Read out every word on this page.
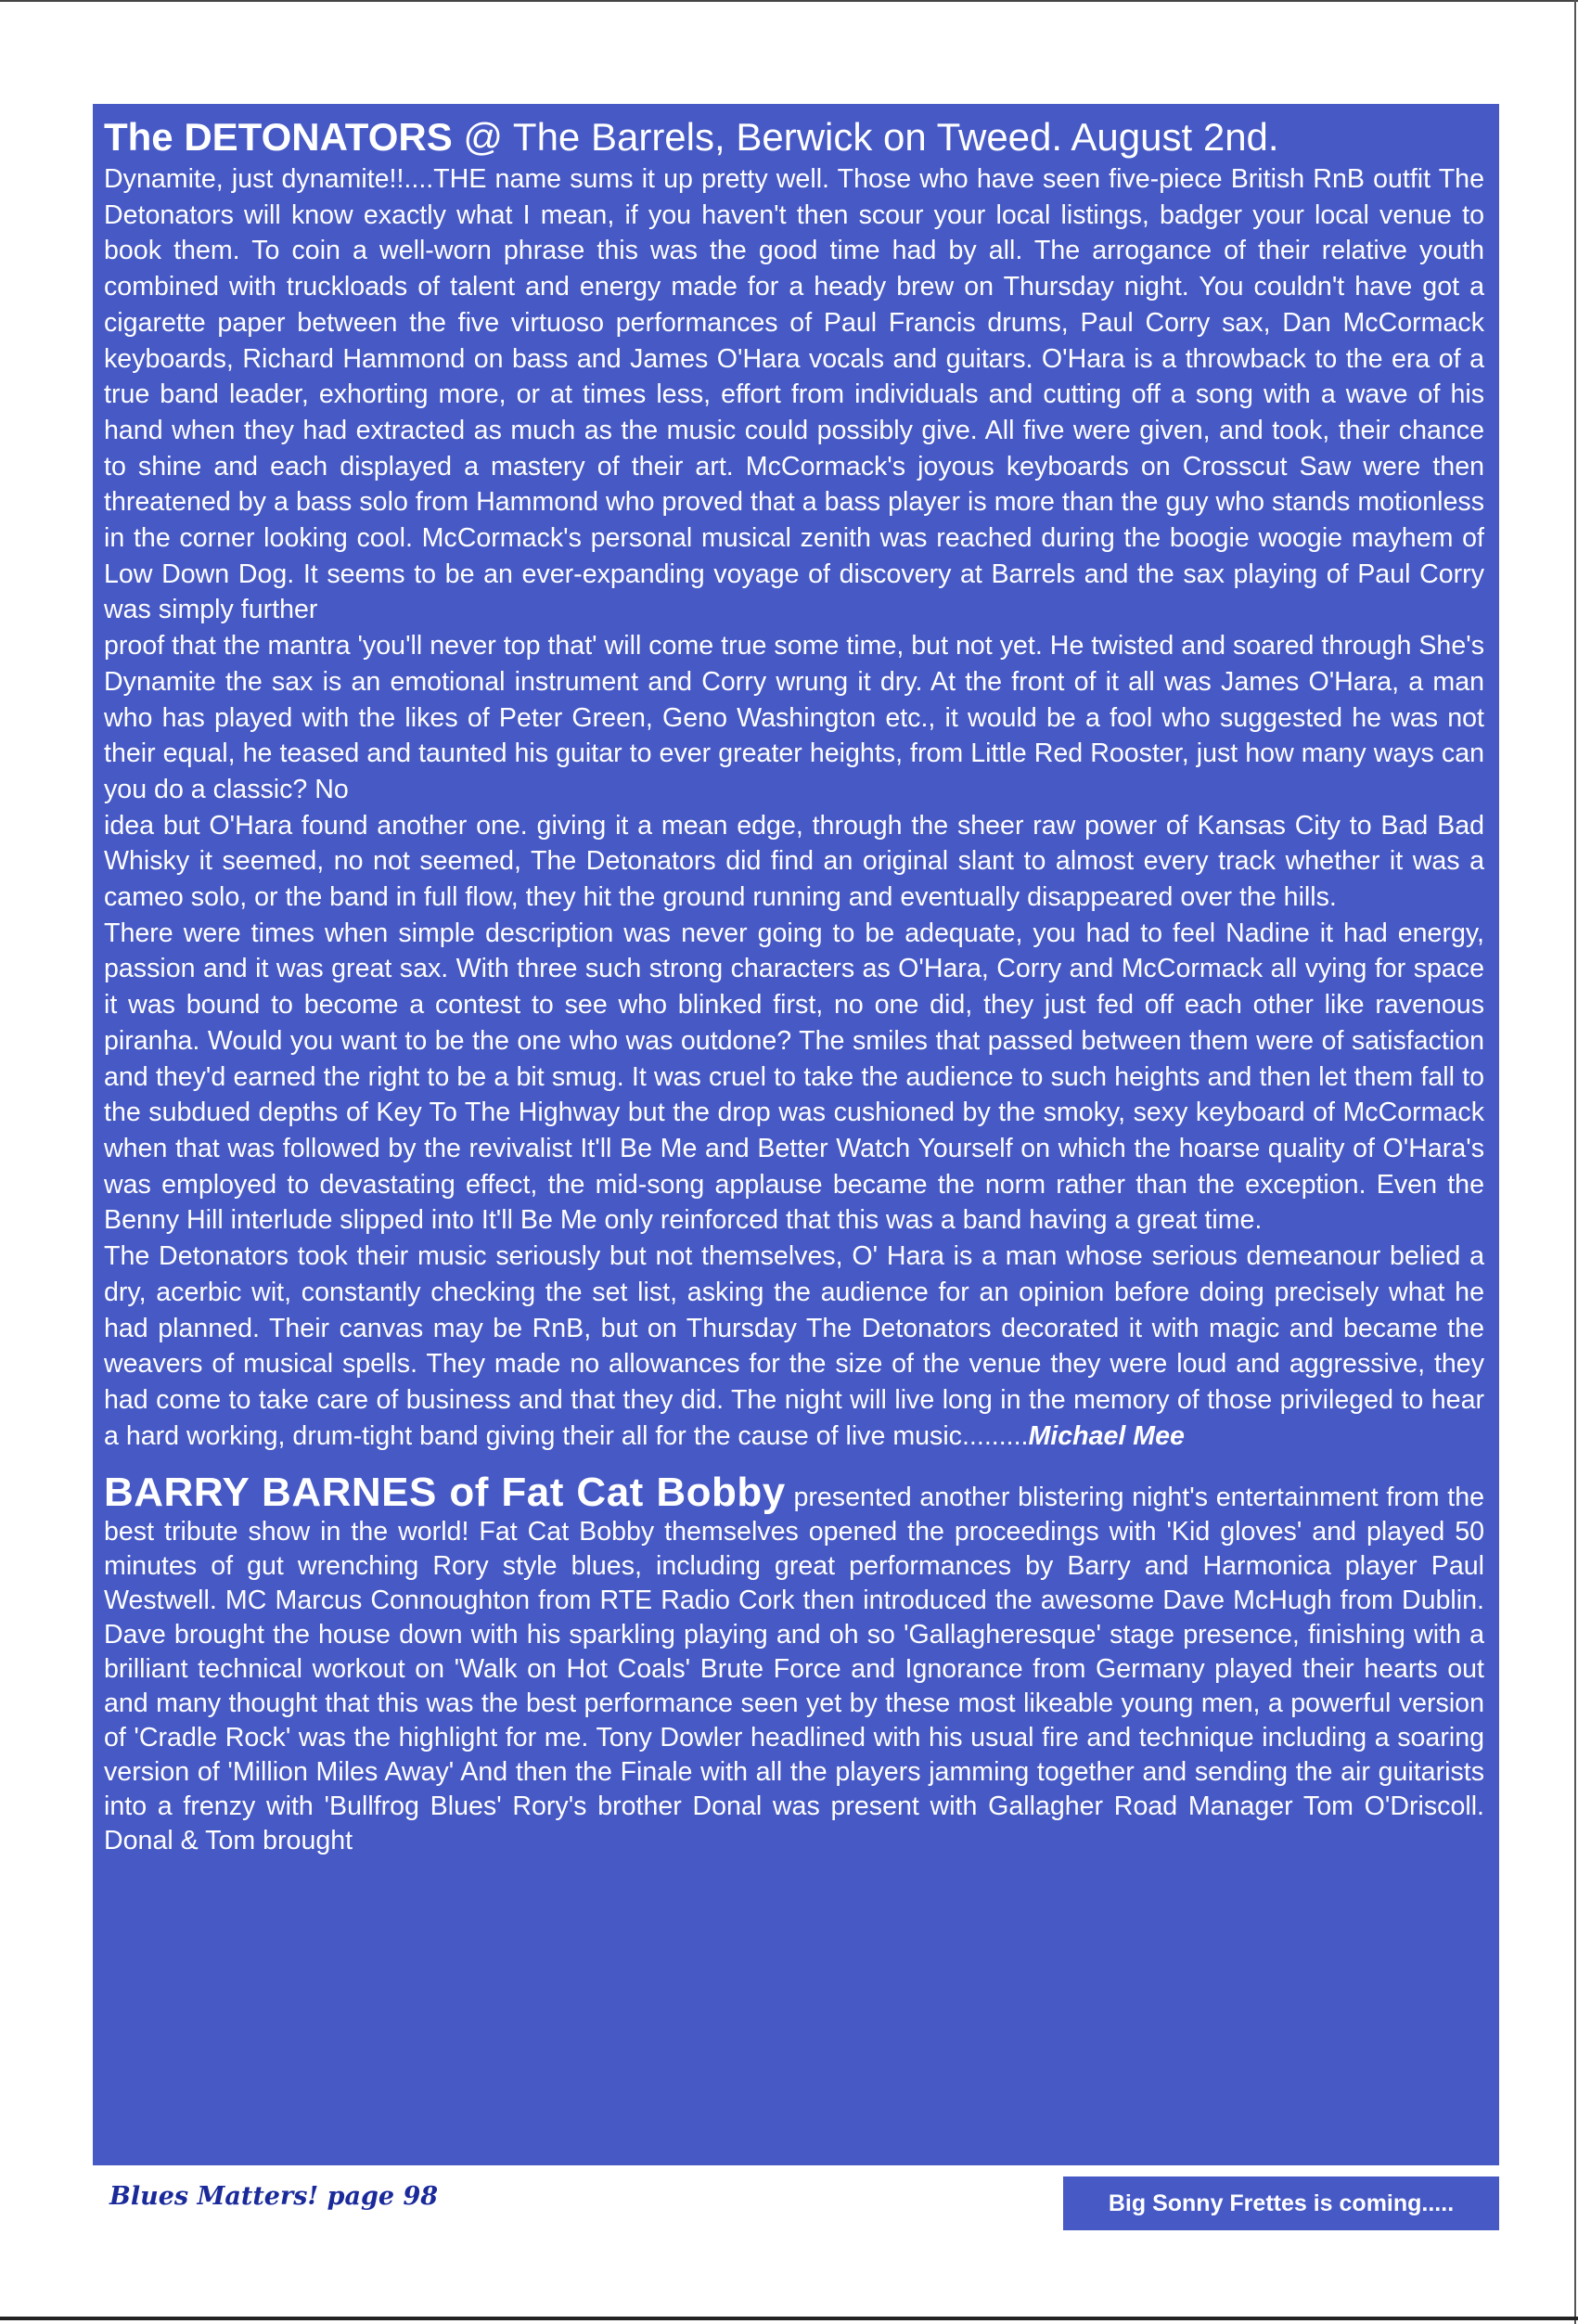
The DETONATORS @ The Barrels, Berwick on Tweed. August 2nd.

Dynamite, just dynamite!!....THE name sums it up pretty well. Those who have seen five-piece British RnB outfit The Detonators will know exactly what I mean, if you haven't then scour your local listings, badger your local venue to book them. To coin a well-worn phrase this was the good time had by all. The arrogance of their relative youth combined with truckloads of talent and energy made for a heady brew on Thursday night. You couldn't have got a cigarette paper between the five virtuoso performances of Paul Francis drums, Paul Corry sax, Dan McCormack keyboards, Richard Hammond on bass and James O'Hara vocals and guitars. O'Hara is a throwback to the era of a true band leader, exhorting more, or at times less, effort from individuals and cutting off a song with a wave of his hand when they had extracted as much as the music could possibly give. All five were given, and took, their chance to shine and each displayed a mastery of their art. McCormack's joyous keyboards on Crosscut Saw were then threatened by a bass solo from Hammond who proved that a bass player is more than the guy who stands motionless in the corner looking cool. McCormack's personal musical zenith was reached during the boogie woogie mayhem of Low Down Dog. It seems to be an ever-expanding voyage of discovery at Barrels and the sax playing of Paul Corry was simply further

proof that the mantra 'you'll never top that' will come true some time, but not yet. He twisted and soared through She's Dynamite the sax is an emotional instrument and Corry wrung it dry. At the front of it all was James O'Hara, a man who has played with the likes of Peter Green, Geno Washington etc., it would be a fool who suggested he was not their equal, he teased and taunted his guitar to ever greater heights, from Little Red Rooster, just how many ways can you do a classic? No

idea but O'Hara found another one. giving it a mean edge, through the sheer raw power of Kansas City to Bad Bad Whisky it seemed, no not seemed, The Detonators did find an original slant to almost every track whether it was a cameo solo, or the band in full flow, they hit the ground running and eventually disappeared over the hills.

There were times when simple description was never going to be adequate, you had to feel Nadine it had energy, passion and it was great sax. With three such strong characters as O'Hara, Corry and McCormack all vying for space it was bound to become a contest to see who blinked first, no one did, they just fed off each other like ravenous piranha. Would you want to be the one who was outdone? The smiles that passed between them were of satisfaction and they'd earned the right to be a bit smug. It was cruel to take the audience to such heights and then let them fall to the subdued depths of Key To The Highway but the drop was cushioned by the smoky, sexy keyboard of McCormack when that was followed by the revivalist It'll Be Me and Better Watch Yourself on which the hoarse quality of O'Hara's was employed to devastating effect, the mid-song applause became the norm rather than the exception. Even the Benny Hill interlude slipped into It'll Be Me only reinforced that this was a band having a great time.

The Detonators took their music seriously but not themselves, O' Hara is a man whose serious demeanour belied a dry, acerbic wit, constantly checking the set list, asking the audience for an opinion before doing precisely what he had planned. Their canvas may be RnB, but on Thursday The Detonators decorated it with magic and became the weavers of musical spells. They made no allowances for the size of the venue they were loud and aggressive, they had come to take care of business and that they did. The night will live long in the memory of those privileged to hear a hard working, drum-tight band giving their all for the cause of live music.........Michael Mee

BARRY BARNES of Fat Cat Bobby presented another blistering night's entertainment from the best tribute show in the world! Fat Cat Bobby themselves opened the proceedings with 'Kid gloves' and played 50 minutes of gut wrenching Rory style blues, including great performances by Barry and Harmonica player Paul Westwell. MC Marcus Connoughton from RTE Radio Cork then introduced the awesome Dave McHugh from Dublin. Dave brought the house down with his sparkling playing and oh so 'Gallagheresque' stage presence, finishing with a brilliant technical workout on 'Walk on Hot Coals' Brute Force and Ignorance from Germany played their hearts out and many thought that this was the best performance seen yet by these most likeable young men, a powerful version of 'Cradle Rock' was the highlight for me. Tony Dowler headlined with his usual fire and technique including a soaring version of 'Million Miles Away' And then the Finale with all the players jamming together and sending the air guitarists into a frenzy with 'Bullfrog Blues' Rory's brother Donal was present with Gallagher Road Manager Tom O'Driscoll. Donal & Tom brought

Blues Matters! page 98	Big Sonny Frettes is coming.....
